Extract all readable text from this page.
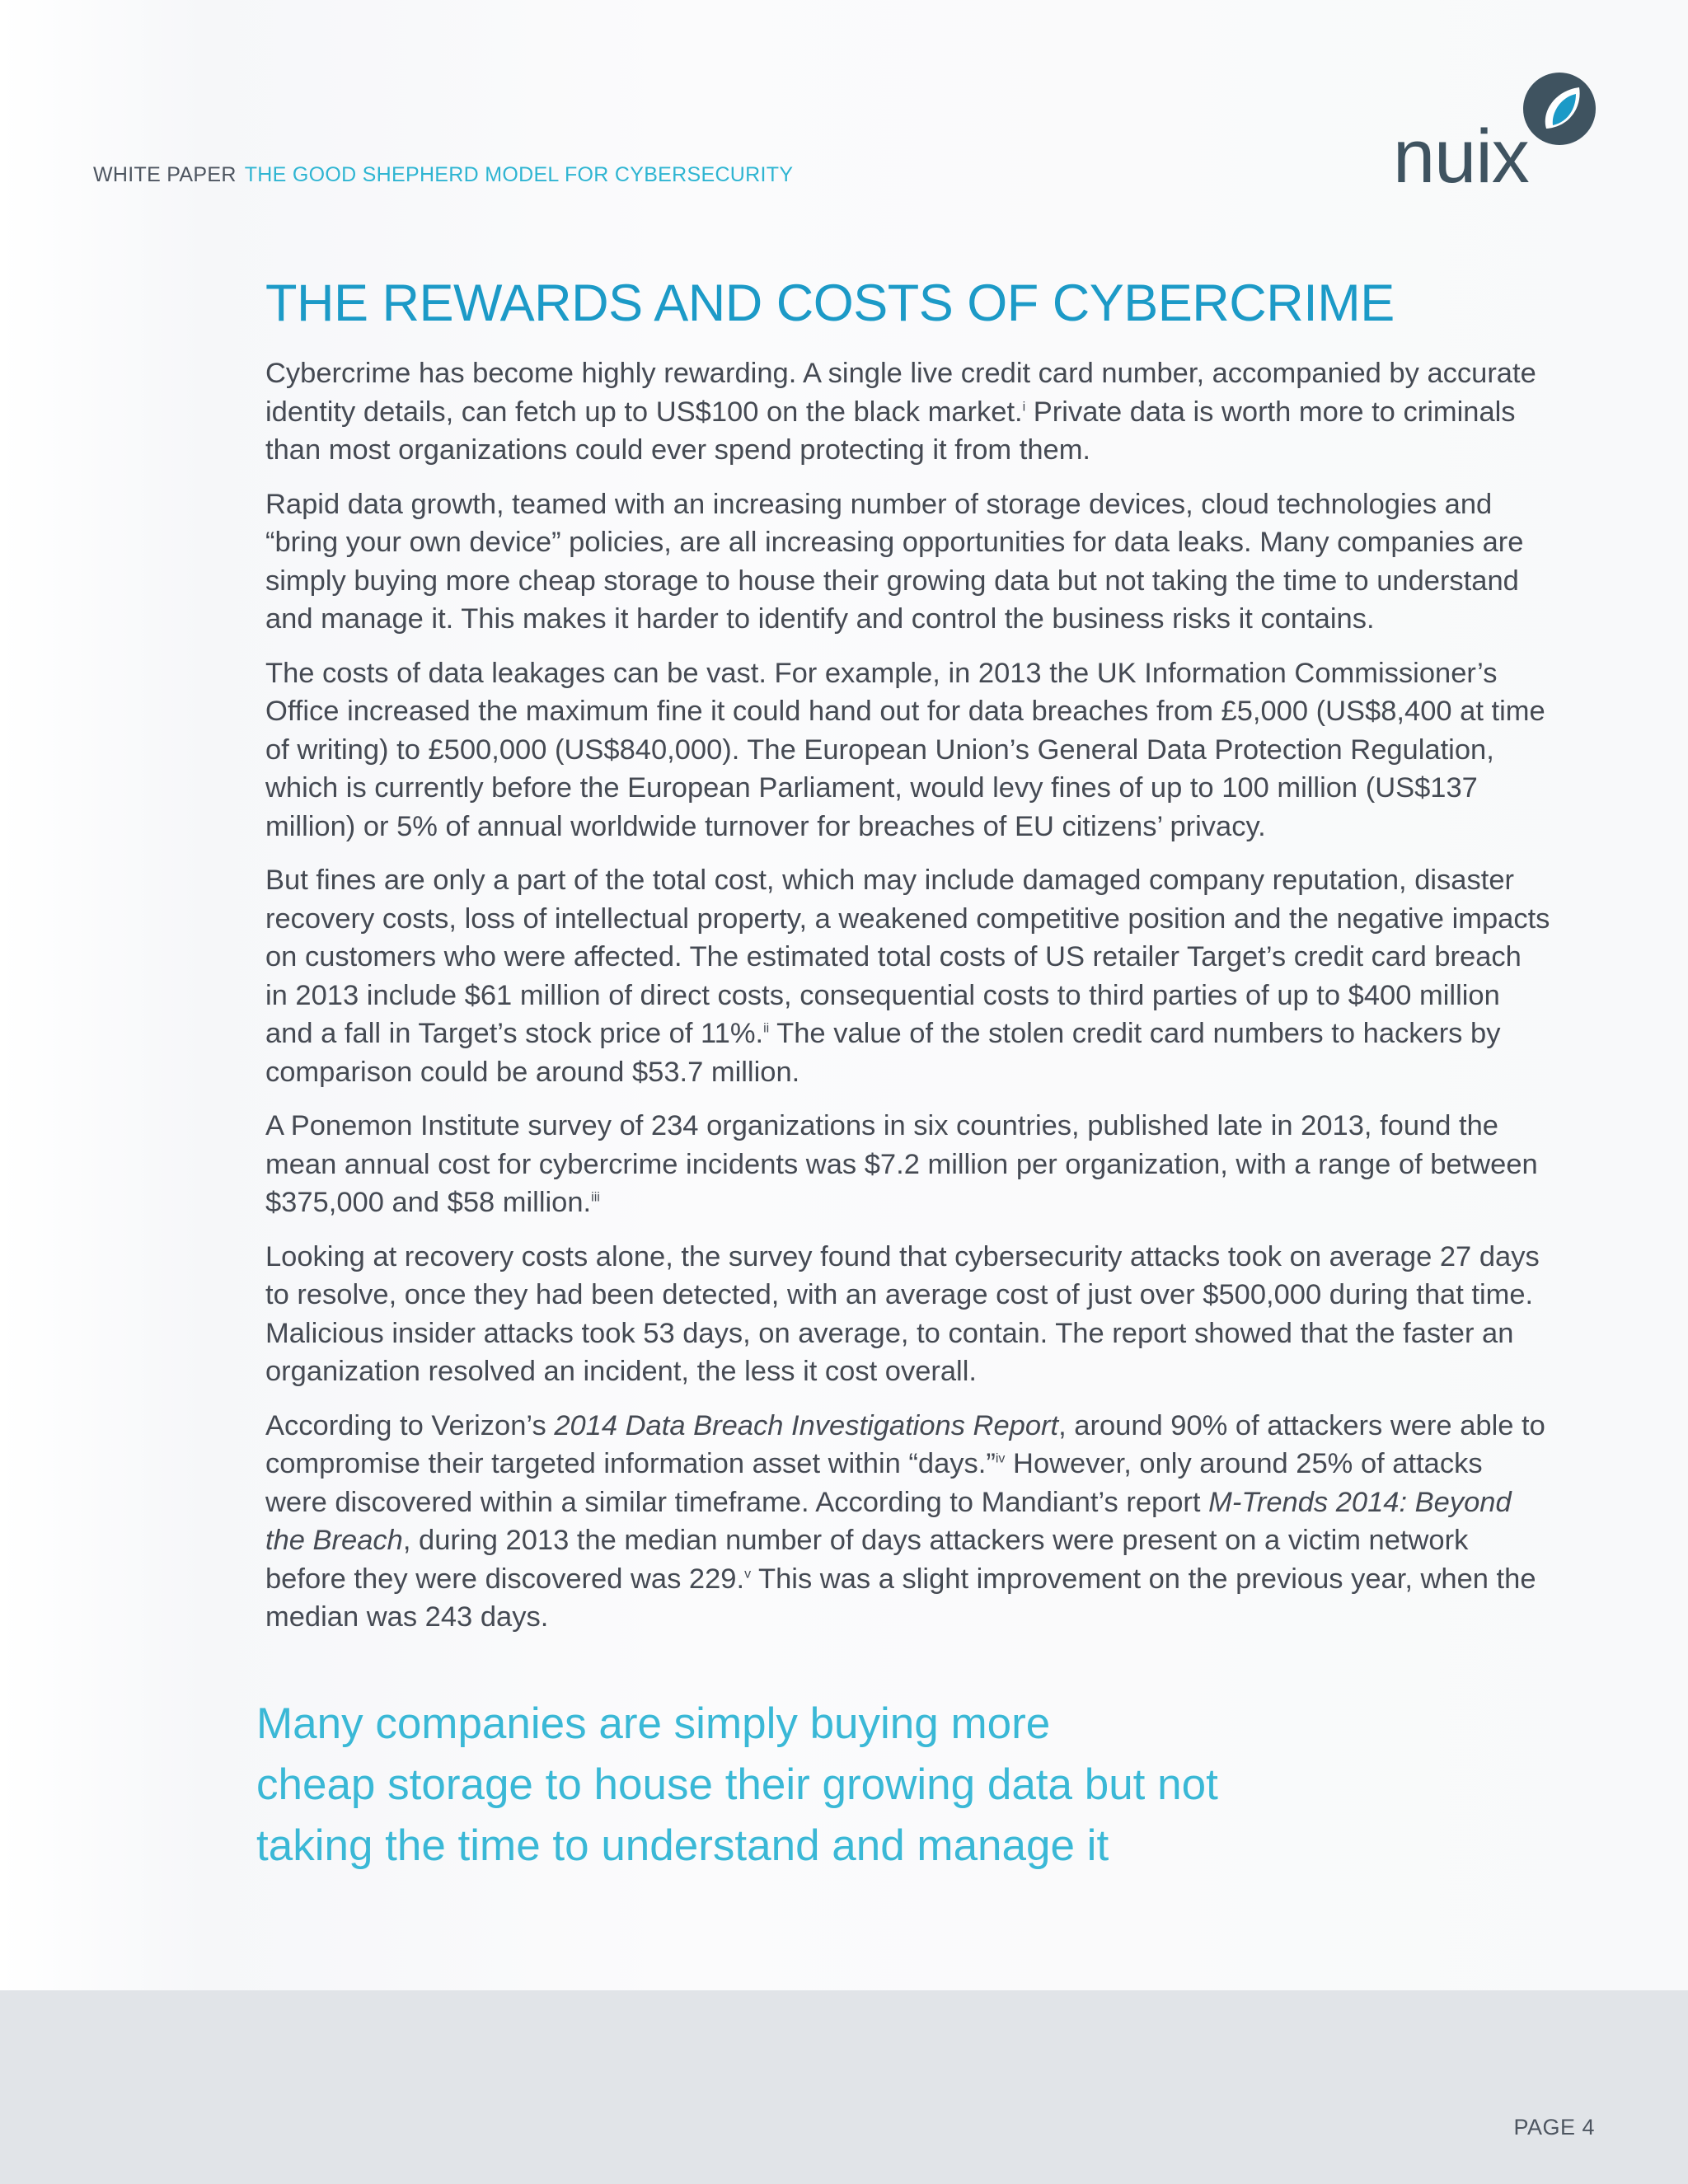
WHITE PAPER THE GOOD SHEPHERD MODEL FOR CYBERSECURITY	nuix
THE REWARDS AND COSTS OF CYBERCRIME

Cybercrime has become highly rewarding. A single live credit card number, accompanied by accurate identity details, can fetch up to US$100 on the black market.$^i$ Private data is worth more to criminals than most organizations could ever spend protecting it from them.

Rapid data growth, teamed with an increasing number of storage devices, cloud technologies and “bring your own device” policies, are all increasing opportunities for data leaks. Many companies are simply buying more cheap storage to house their growing data but not taking the time to understand and manage it. This makes it harder to identify and control the business risks it contains.

The costs of data leakages can be vast. For example, in 2013 the UK Information Commissioner’s Office increased the maximum fine it could hand out for data breaches from £5,000 (US$8,400 at time of writing) to £500,000 (US$840,000). The European Union’s General Data Protection Regulation, which is currently before the European Parliament, would levy fines of up to 100 million (US$137 million) or 5% of annual worldwide turnover for breaches of EU citizens’ privacy.

But fines are only a part of the total cost, which may include damaged company reputation, disaster recovery costs, loss of intellectual property, a weakened competitive position and the negative impacts on customers who were affected. The estimated total costs of US retailer Target’s credit card breach in 2013 include $61 million of direct costs, consequential costs to third parties of up to $400 million and a fall in Target’s stock price of 11%.$^{ii}$ The value of the stolen credit card numbers to hackers by comparison could be around $53.7 million.

A Ponemon Institute survey of 234 organizations in six countries, published late in 2013, found the mean annual cost for cybercrime incidents was $7.2 million per organization, with a range of between $375,000 and $58 million.$^{iii}$

Looking at recovery costs alone, the survey found that cybersecurity attacks took on average 27 days to resolve, once they had been detected, with an average cost of just over $500,000 during that time. Malicious insider attacks took 53 days, on average, to contain. The report showed that the faster an organization resolved an incident, the less it cost overall.

According to Verizon’s 2014 Data Breach Investigations Report, around 90% of attackers were able to compromise their targeted information asset within “days.”$^{iv}$ However, only around 25% of attacks were discovered within a similar timeframe. According to Mandiant’s report M-Trends 2014: Beyond the Breach, during 2013 the median number of days attackers were present on a victim network before they were discovered was 229.$^v$ This was a slight improvement on the previous year, when the median was 243 days.

Many companies are simply buying more
cheap storage to house their growing data but not
taking the time to understand and manage it
PAGE 4
